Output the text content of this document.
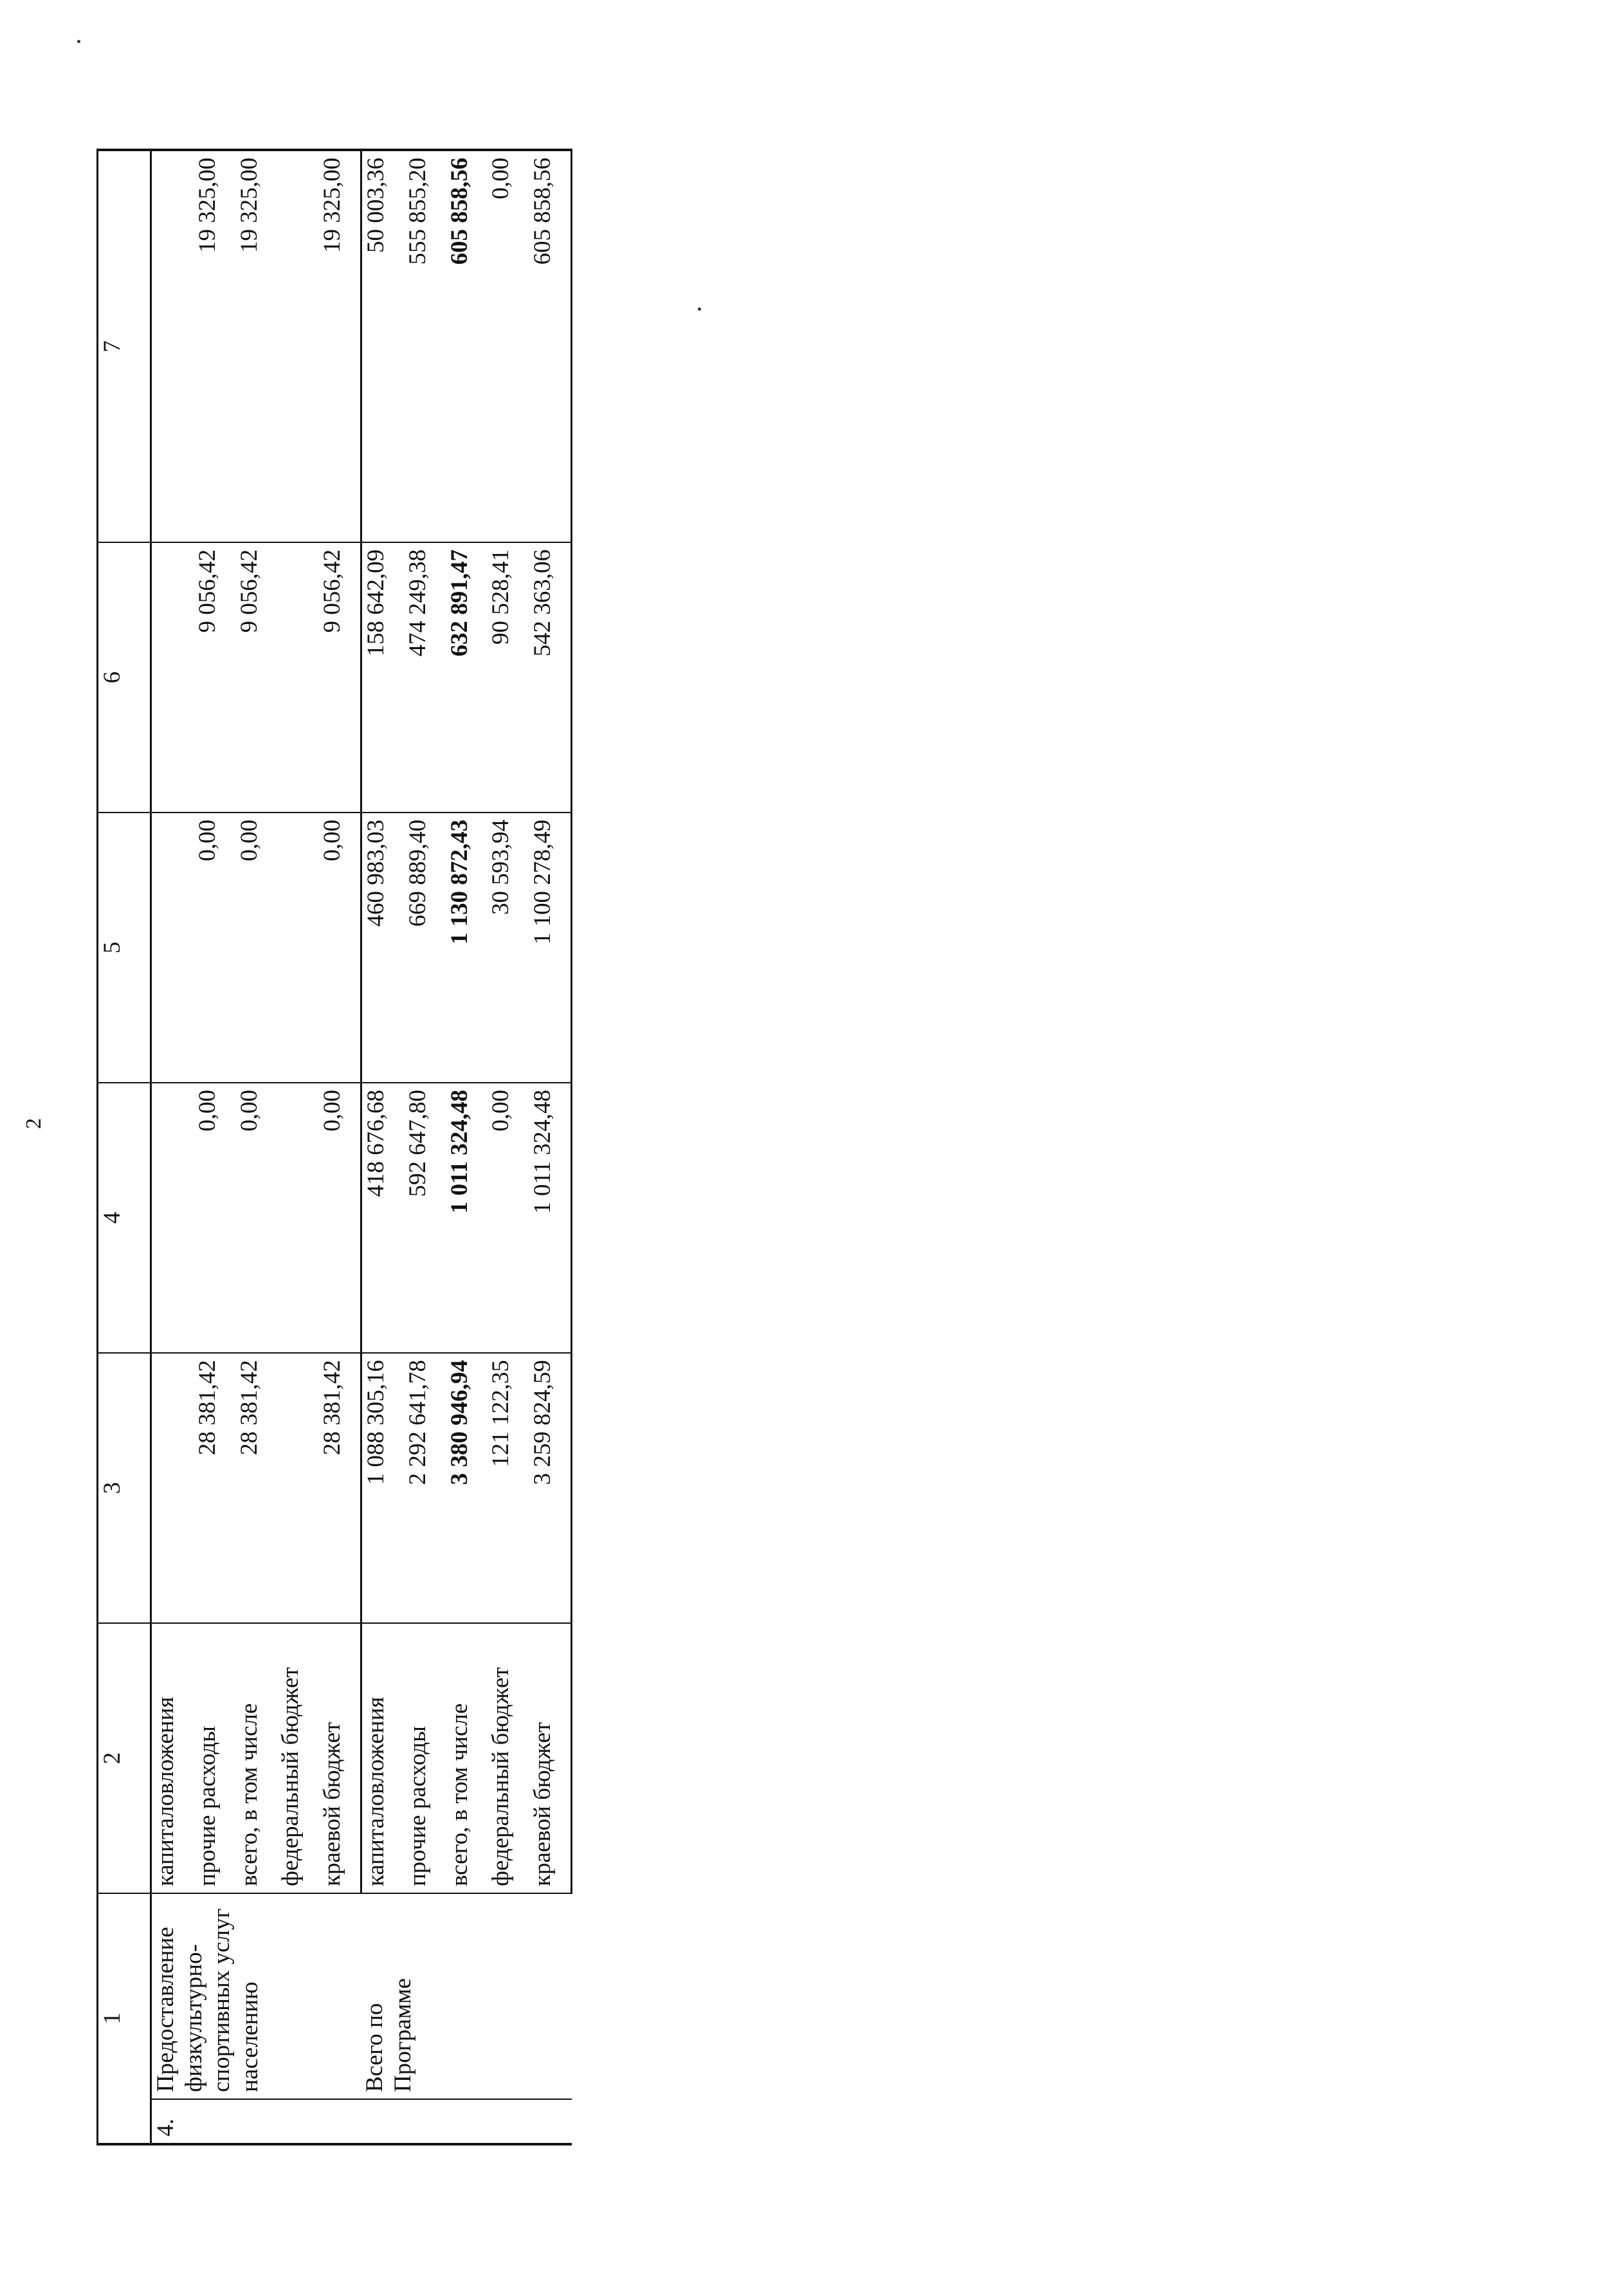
2
1		2	3	4	5	6	7
4.	Предоставление физкультурно-спортивных услуг населению	капиталовложения					
		прочие расходы	28 381,42	0,00	0,00	9 056,42	19 325,00
		всего, в том числе	28 381,42	0,00	0,00	9 056,42	19 325,00
		федеральный бюджет					
		краевой бюджет	28 381,42	0,00	0,00	9 056,42	19 325,00
	Всего по Программе	капиталовложения	1 088 305,16	418 676,68	460 983,03	158 642,09	50 003,36
		прочие расходы	2 292 641,78	592 647,80	669 889,40	474 249,38	555 855,20
		всего, в том числе	3 380 946,94	1 011 324,48	1 130 872,43	632 891,47	605 858,56
		федеральный бюджет	121 122,35	0,00	30 593,94	90 528,41	0,00
		краевой бюджет	3 259 824,59	1 011 324,48	1 100 278,49	542 363,06	605 858,56
